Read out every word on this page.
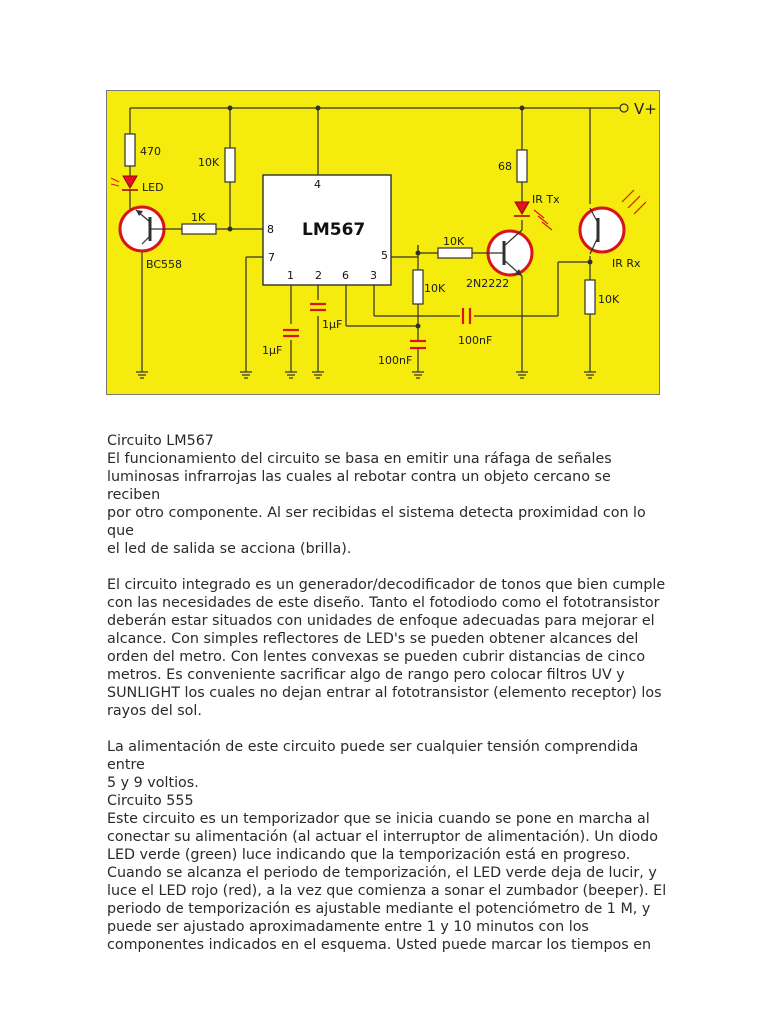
V+
LM567
4
8
7	5
1 2 6 3
470
LED
10K
1K
BC558
68
IR Tx
10K
10K 2N2222
IR Rx
10K
1µF
1µF
100nF
100nF

Circuito LM567

El funcionamiento del circuito se basa en emitir una ráfaga de señales

luminosas infrarrojas las cuales al rebotar contra un objeto cercano se reciben

por otro componente. Al ser recibidas el sistema detecta proximidad con lo que

el led de salida se acciona (brilla).

El circuito integrado es un generador/decodificador de tonos que bien cumple

con las necesidades de este diseño. Tanto el fotodiodo como el fototransistor

deberán estar situados con unidades de enfoque adecuadas para mejorar el

alcance. Con simples reflectores de LED's se pueden obtener alcances del

orden del metro. Con lentes convexas se pueden cubrir distancias de cinco

metros. Es conveniente sacrificar algo de rango pero colocar filtros UV y

SUNLIGHT los cuales no dejan entrar al fototransistor (elemento receptor) los

rayos del sol.

La alimentación de este circuito puede ser cualquier tensión comprendida entre

5 y 9 voltios.

Circuito 555

Este circuito es un temporizador que se inicia cuando se pone en marcha al

conectar su alimentación (al actuar el interruptor de alimentación). Un diodo

LED verde (green) luce indicando que la temporización está en progreso.

Cuando se alcanza el periodo de temporización, el LED verde deja de lucir, y

luce el LED rojo (red), a la vez que comienza a sonar el zumbador (beeper). El

periodo de temporización es ajustable mediante el potenciómetro de 1 M, y

puede ser ajustado aproximadamente entre 1 y 10 minutos con los

componentes indicados en el esquema. Usted puede marcar los tiempos en
